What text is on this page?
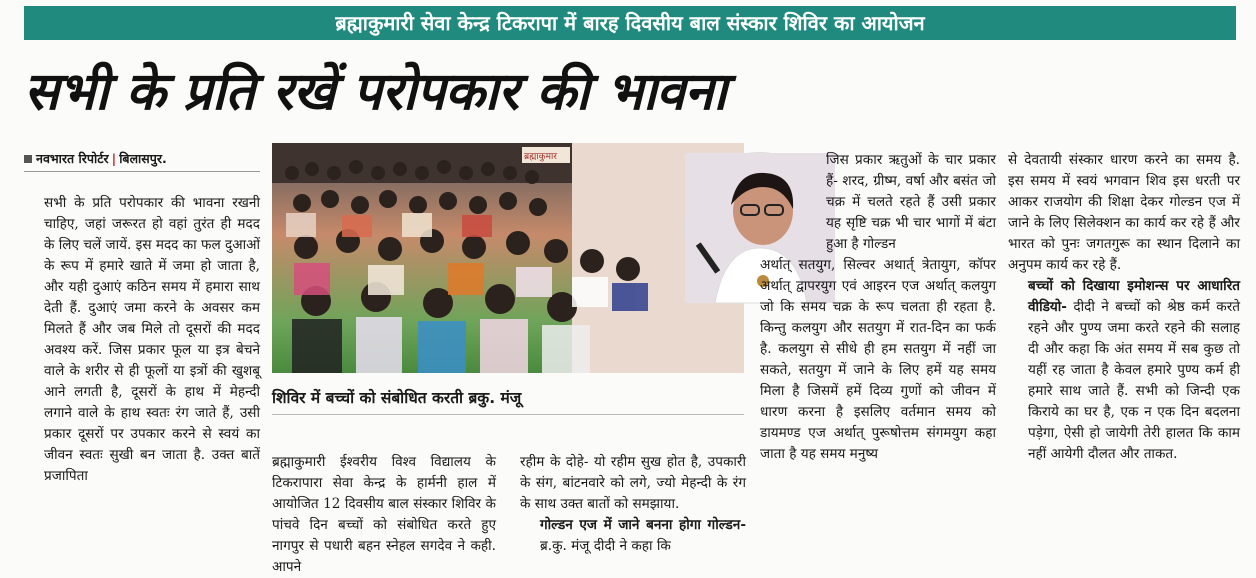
ब्रह्माकुमारी सेवा केन्द्र टिकरापा में बारह दिवसीय बाल संस्कार शिविर का आयोजन
सभी के प्रति रखें परोपकार की भावना
नवभारत रिपोर्टर | बिलासपुर.

सभी के प्रति परोपकार की भावना रखनी चाहिए, जहां जरूरत हो वहां तुरंत ही मदद के लिए चलें जायें. इस मदद का फल दुआओं के रूप में हमारे खाते में जमा हो जाता है, और यही दुआएं कठिन समय में हमारा साथ देती हैं. दुआएं जमा करने के अवसर कम मिलते हैं और जब मिले तो दूसरों की मदद अवश्य करें. जिस प्रकार फूल या इत्र बेचने वाले के शरीर से ही फूलों या इत्रों की खुशबू आने लगती है, दूसरों के हाथ में मेहन्दी लगाने वाले के हाथ स्वतः रंग जाते हैं, उसी प्रकार दूसरों पर उपकार करने से स्वयं का जीवन स्वतः सुखी बन जाता है. उक्त बातें प्रजापिता

ब्रह्माकुमार
शिविर में बच्चों को संबोधित करती ब्रकु. मंजू

ब्रह्माकुमारी ईश्वरीय विश्व विद्यालय के टिकरापारा सेवा केन्द्र के हार्मनी हाल में आयोजित 12 दिवसीय बाल संस्कार शिविर के पांचवे दिन बच्चों को संबोधित करते हुए नागपुर से पधारी बहन स्नेहल सगदेव ने कही. आपने

रहीम के दोहे- यो रहीम सुख होत है, उपकारी के संग, बांटनवारे को लगे, ज्यो मेहन्दी के रंग के साथ उक्त बातों को समझाया.

गोल्डन एज में जाने बनना होगा गोल्डन- ब्र.कु. मंजू दीदी ने कहा कि

जिस प्रकार ऋतुओं के चार प्रकार हैं- शरद, ग्रीष्म, वर्षा और बसंत जो चक्र में चलते रहते हैं उसी प्रकार यह सृष्टि चक्र भी चार भागों में बंटा हुआ है गोल्डन

अर्थात् सतयुग, सिल्वर अथार्त् त्रेतायुग, कॉपर अर्थात् द्वापरयुग एवं आइरन एज अर्थात् कलयुग जो कि समय चक्र के रूप चलता ही रहता है. किन्तु कलयुग और सतयुग में रात-दिन का फर्क है. कलयुग से सीधे ही हम सतयुग में नहीं जा सकते, सतयुग में जाने के लिए हमें यह समय मिला है जिसमें हमें दिव्य गुणों को जीवन में धारण करना है इसलिए वर्तमान समय को डायमण्ड एज अर्थात् पुरूषोत्तम संगमयुग कहा जाता है यह समय मनुष्य

से देवतायी संस्कार धारण करने का समय है. इस समय में स्वयं भगवान शिव इस धरती पर आकर राजयोग की शिक्षा देकर गोल्डन एज में जाने के लिए सिलेक्शन का कार्य कर रहे हैं और भारत को पुनः जगतगुरू का स्थान दिलाने का अनुपम कार्य कर रहे हैं.

बच्चों को दिखाया इमोशन्स पर आधारित वीडियो- दीदी ने बच्चों को श्रेष्ठ कर्म करते रहने और पुण्य जमा करते रहने की सलाह दी और कहा कि अंत समय में सब कुछ तो यहीं रह जाता है केवल हमारे पुण्य कर्म ही हमारे साथ जाते हैं. सभी को जिन्दी एक किराये का घर है, एक न एक दिन बदलना पड़ेगा, ऐसी हो जायेगी तेरी हालत कि काम नहीं आयेगी दौलत और ताकत.
